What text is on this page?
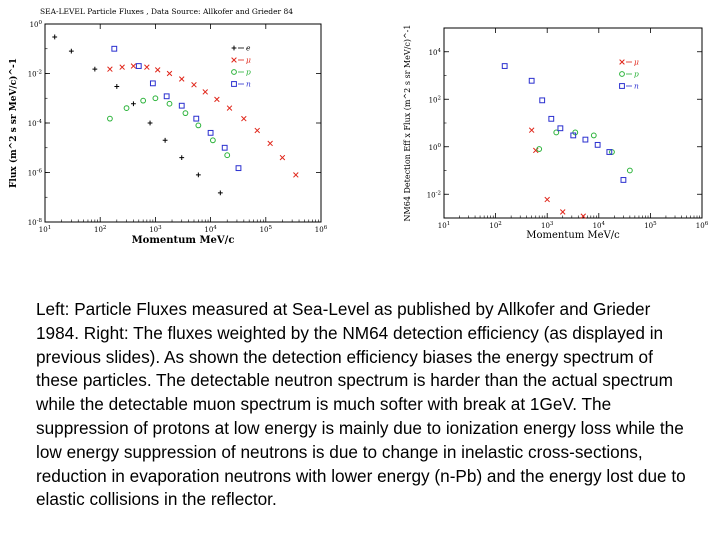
SEA-LEVEL Particle Fluxes , Data Source: Allkofer and Grieder 84
$10^1$	$10^2$	$10^3$	$10^4$	$10^5$	$10^6$
$10^0$
$10^{-2}$
$10^{-4}$
$10^{-6}$
$10^{-8}$
e
μ
p
n
Momentum MeV/c
Flux (m^2 s sr MeV/c)^-1
$10^1$	$10^2$	$10^3$	$10^4$	$10^5$	$10^6$
$10^4$
$10^2$
$10^0$
$10^{-2}$
μ
p
n
Momentum MeV/c
NM64 Detection Eff x Flux (m^2 s sr MeV/c)^-1
Left: Particle Fluxes measured at Sea-Level as published by Allkofer and Grieder 1984. Right: The fluxes weighted by the NM64 detection efficiency (as displayed in previous slides). As shown the detection efficiency biases the energy spectrum of these particles. The detectable neutron spectrum is harder than the actual spectrum while the detectable muon spectrum is much softer with break at 1GeV. The suppression of protons at low energy is mainly due to ionization energy loss while the low energy suppression of neutrons is due to change in inelastic cross-sections, reduction in evaporation neutrons with lower energy (n-Pb) and the energy lost due to elastic collisions in the reflector.
